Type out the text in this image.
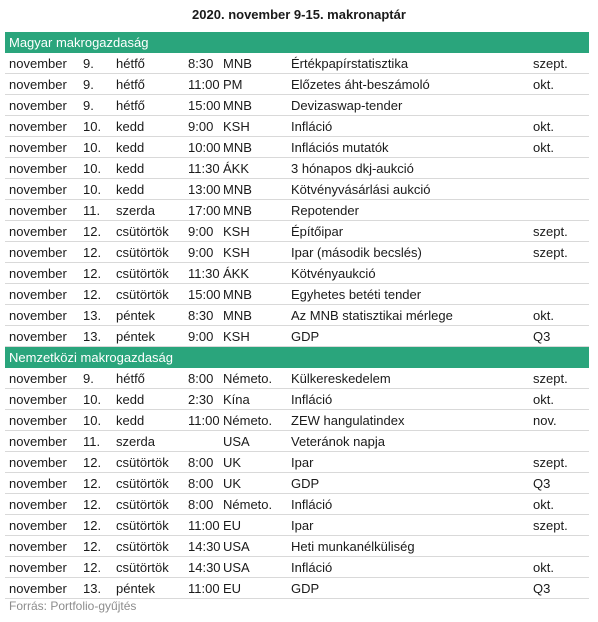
2020. november 9-15. makronaptár
Magyar makrogazdaság
november	9.	hétfő	8:30 MNB	Értékpapírstatisztika	szept.
november	9.	hétfő	11:00 PM	Előzetes áht-beszámoló	okt.
november	9.	hétfő	15:00 MNB	Devizaswap-tender
november	10.	kedd	9:00 KSH	Infláció	okt.
november	10.	kedd	10:00 MNB	Inflációs mutatók	okt.
november	10.	kedd	11:30 ÁKK	3 hónapos dkj-aukció
november	10.	kedd	13:00 MNB	Kötvényvásárlási aukció
november	11.	szerda	17:00 MNB	Repotender
november	12.	csütörtök	9:00 KSH	Építőipar	szept.
november	12.	csütörtök	9:00 KSH	Ipar (második becslés)	szept.
november	12.	csütörtök	11:30 ÁKK	Kötvényaukció
november	12.	csütörtök	15:00 MNB	Egyhetes betéti tender
november	13.	péntek	8:30 MNB	Az MNB statisztikai mérlege	okt.
november	13.	péntek	9:00 KSH	GDP	Q3
Nemzetközi makrogazdaság
november	9.	hétfő	8:00 Németo.	Külkereskedelem	szept.
november	10.	kedd	2:30 Kína	Infláció	okt.
november	10.	kedd	11:00 Németo.	ZEW hangulatindex	nov.
november	11.	szerda	USA	Veteránok napja
november	12.	csütörtök	8:00 UK	Ipar	szept.
november	12.	csütörtök	8:00 UK	GDP	Q3
november	12.	csütörtök	8:00 Németo.	Infláció	okt.
november	12.	csütörtök	11:00 EU	Ipar	szept.
november	12.	csütörtök	14:30 USA	Heti munkanélküliség
november	12.	csütörtök	14:30 USA	Infláció	okt.
november	13.	péntek	11:00 EU	GDP	Q3
Forrás: Portfolio-gyűjtés
